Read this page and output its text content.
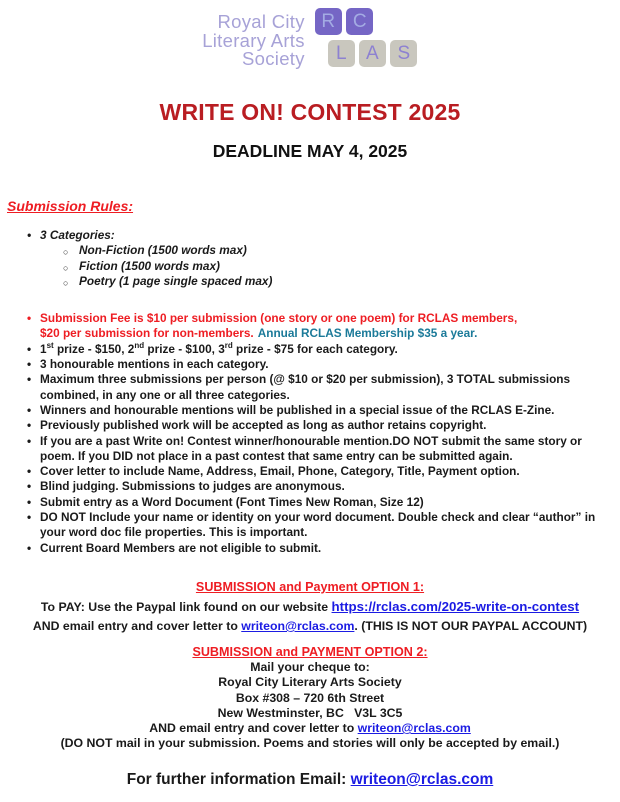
Royal City
Literary Arts
Society
R C
L	A S
WRITE ON! CONTEST 2025
DEADLINE MAY 4, 2025
Submission Rules:
• 3 Categories:
○ Non-Fiction (1500 words max)
○ Fiction (1500 words max)
○ Poetry (1 page single spaced max)
• Submission Fee is $10 per submission (one story or one poem) for RCLAS members,
$20 per submission for non-members. Annual RCLAS Membership $35 a year.
• 1st prize - $150, 2nd prize - $100, 3rd prize - $75 for each category.
• 3 honourable mentions in each category.
• Maximum three submissions per person (@ $10 or $20 per submission), 3 TOTAL submissions combined, in any one or all three categories.
• Winners and honourable mentions will be published in a special issue of the RCLAS E-Zine.
• Previously published work will be accepted as long as author retains copyright.
• If you are a past Write on! Contest winner/honourable mention.DO NOT submit the same story or poem. If you DID not place in a past contest that same entry can be submitted again.
• Cover letter to include Name, Address, Email, Phone, Category, Title, Payment option.
• Blind judging. Submissions to judges are anonymous.
• Submit entry as a Word Document (Font Times New Roman, Size 12)
• DO NOT Include your name or identity on your word document. Double check and clear “author” in your word doc file properties. This is important.
• Current Board Members are not eligible to submit.
SUBMISSION and Payment OPTION 1:
To PAY: Use the Paypal link found on our website https://rclas.com/2025-write-on-contest
AND email entry and cover letter to writeon@rclas.com. (THIS IS NOT OUR PAYPAL ACCOUNT)
SUBMISSION and PAYMENT OPTION 2:
Mail your cheque to:
Royal City Literary Arts Society
Box #308 – 720 6th Street
New Westminster, BC   V3L 3C5
AND email entry and cover letter to writeon@rclas.com
(DO NOT mail in your submission. Poems and stories will only be accepted by email.)
For further information Email: writeon@rclas.com
